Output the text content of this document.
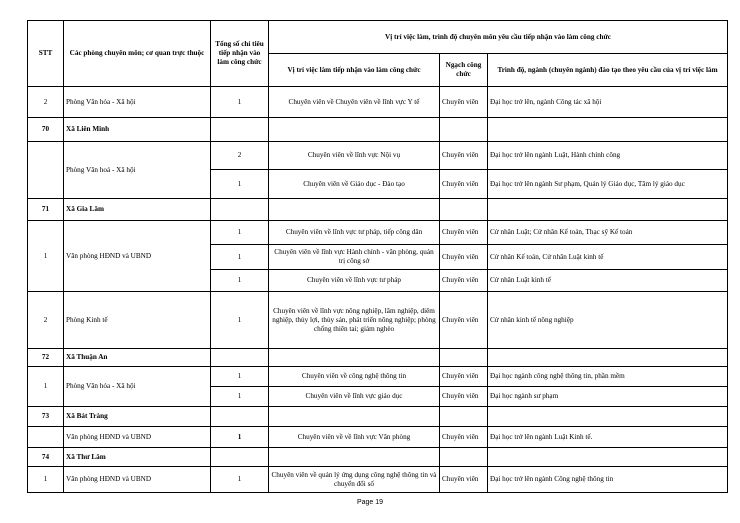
STT	Các phòng chuyên môn; cơ quan trực thuộc	Tổng số chỉ tiêu tiếp nhận vào làm công chức	Vị trí việc làm, trình độ chuyên môn yêu cầu tiếp nhận vào làm công chức		
			Vị trí việc làm tiếp nhận vào làm công chức	Ngạch công chức	Trình độ, ngành (chuyên ngành) đào tạo theo yêu cầu của vị trí việc làm
2	Phòng Văn hóa - Xã hội	1	Chuyên viên về Chuyên viên về lĩnh vực Y tế	Chuyên viên	Đại học trở lên, ngành Công tác xã hội
70	Xã Liên Minh				
	Phòng Văn hoá - Xã hội	2	Chuyên viên về lĩnh vực Nội vụ	Chuyên viên	Đại học trở lên ngành Luật, Hành chính công
		1	Chuyên viên về Giáo dục - Đào tạo	Chuyên viên	Đại học trở lên ngành Sư phạm, Quản lý Giáo dục, Tâm lý giáo dục
71	Xã Gia Lâm				
1	Văn phòng HĐND và UBND	1	Chuyên viên về lĩnh vực tư pháp, tiếp công dân	Chuyên viên	Cử nhân Luật; Cử nhân Kế toán, Thạc sỹ Kế toán
		1	Chuyên viên về lĩnh vực Hành chính - văn phòng, quản trị công sở	Chuyên viên	Cử nhân Kế toán, Cử nhân Luật kinh tế
		1	Chuyên viên về lĩnh vực tư pháp	Chuyên viên	Cử nhân Luật kinh tế
2	Phòng Kinh tế	1	Chuyên viên về lĩnh vực nông nghiệp, lâm nghiệp, diêm nghiệp, thủy lợi, thủy sản, phát triển nông nghiệp; phòng chống thiên tai; giảm nghèo	Chuyên viên	Cử nhân kinh tế nông nghiệp
72	Xã Thuận An				
1	Phòng Văn hóa - Xã hội	1	Chuyên viên về công nghệ thông tin	Chuyên viên	Đại học ngành công nghệ thông tin, phần mềm
		1	Chuyên viên về lĩnh vực giáo dục	Chuyên viên	Đại học ngành sư phạm
73	Xã Bát Tràng				
	Văn phòng HĐND và UBND	1	Chuyên viên về về lĩnh vực Văn phòng	Chuyên viên	Đại học trở lên ngành Luật Kinh tế.
74	Xã Thư Lâm				
1	Văn phòng HĐND và UBND	1	Chuyên viên về quản lý ứng dụng công nghệ thông tin và chuyển đổi số	Chuyên viên	Đại học trở lên ngành Công nghệ thông tin
Page 19
